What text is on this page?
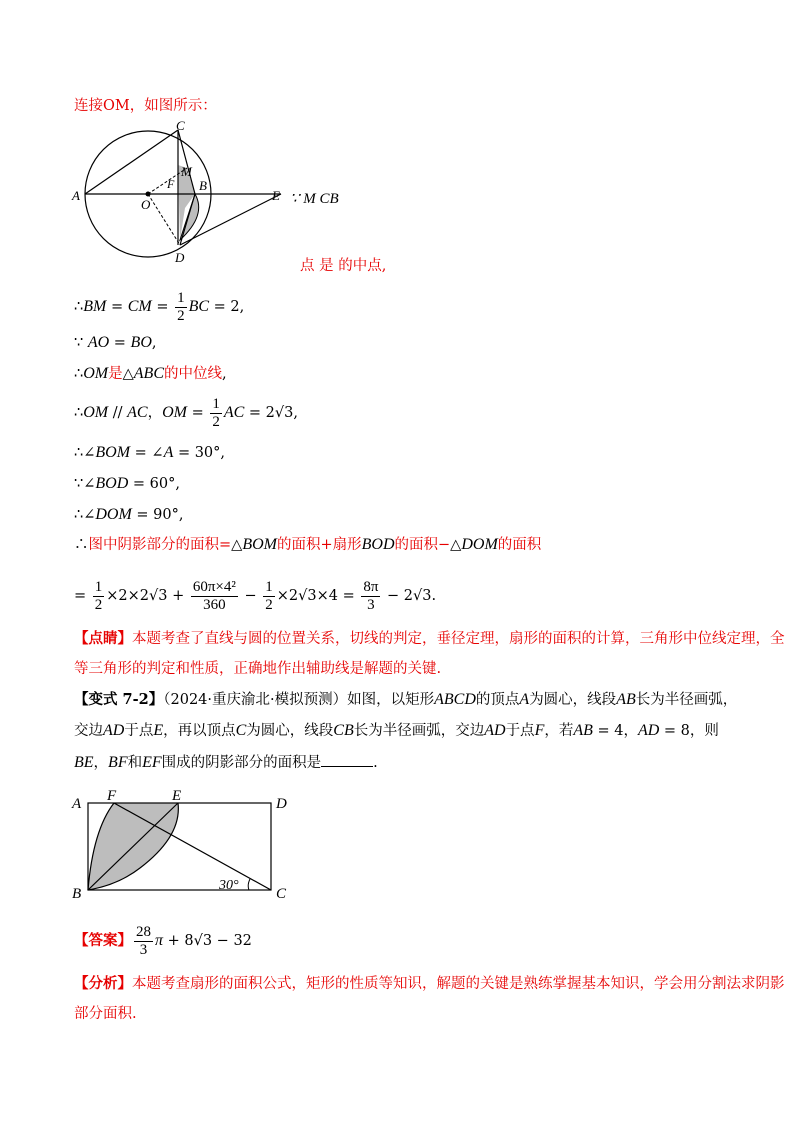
连接OM，如图所示：
C
M
A
F B
E
O
D
∵ M CB
点 是 的中点,
∴BM = CM = $\frac{1}{2}$ BC = 2,
∵ AO = BO,
∴OM是△ABC的中位线,
∴OM // AC，OM = $\frac{1}{2}$ AC = 2√3,
∴∠BOM = ∠A = 30°,
∵∠BOD = 60°,
∴∠DOM = 90°,
∴图中阴影部分的面积=△BOM的面积+扇形BOD的面积−△DOM的面积
= $\frac{1}{2} \times 2\times 2√3 + \frac{\text{60π×4²}}{360} - \frac{1}{2} \times 2√3\times 4 = \frac{8\pi}{3} - 2√3$.
【点睛】本题考查了直线与圆的位置关系，切线的判定，垂径定理，扇形的面积的计算，三角形中位线定理，全等三角形的判定和性质，正确地作出辅助线是解题的关键.
【变式 7-2】（2024·重庆渝北·模拟预测）如图，以矩形ABCD的顶点A为圆心，线段AB长为半径画弧，
交边AD于点E，再以顶点C为圆心，线段CB长为半径画弧，交边AD于点F，若AB = 4，AD = 8，则
BE，BF和EF围成的阴影部分的面积是	.
A F	E	D
B	C
30°
【答案】 $\frac{28}{3}$ π + 8√3 − 32
【分析】本题考查扇形的面积公式，矩形的性质等知识，解题的关键是熟练掌握基本知识，学会用分割法求阴影部分面积.
